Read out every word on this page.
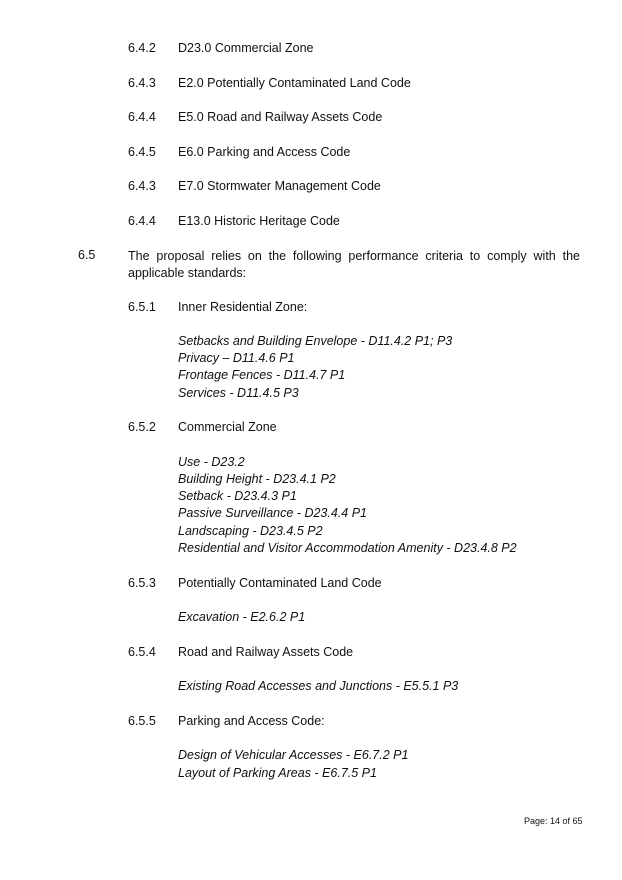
6.4.2 D23.0 Commercial Zone
6.4.3 E2.0 Potentially Contaminated Land Code
6.4.4 E5.0 Road and Railway Assets Code
6.4.5 E6.0 Parking and Access Code
6.4.3 E7.0 Stormwater Management Code
6.4.4 E13.0 Historic Heritage Code
6.5	The proposal relies on the following performance criteria to comply with the applicable standards:
6.5.1 Inner Residential Zone:
Setbacks and Building Envelope - D11.4.2 P1; P3
Privacy – D11.4.6 P1
Frontage Fences - D11.4.7 P1
Services - D11.4.5 P3
6.5.2 Commercial Zone
Use - D23.2
Building Height - D23.4.1 P2
Setback - D23.4.3 P1
Passive Surveillance - D23.4.4 P1
Landscaping - D23.4.5 P2
Residential and Visitor Accommodation Amenity - D23.4.8 P2
6.5.3 Potentially Contaminated Land Code
Excavation - E2.6.2 P1
6.5.4 Road and Railway Assets Code
Existing Road Accesses and Junctions - E5.5.1 P3
6.5.5 Parking and Access Code:
Design of Vehicular Accesses - E6.7.2 P1
Layout of Parking Areas - E6.7.5 P1
Page: 14 of 65
